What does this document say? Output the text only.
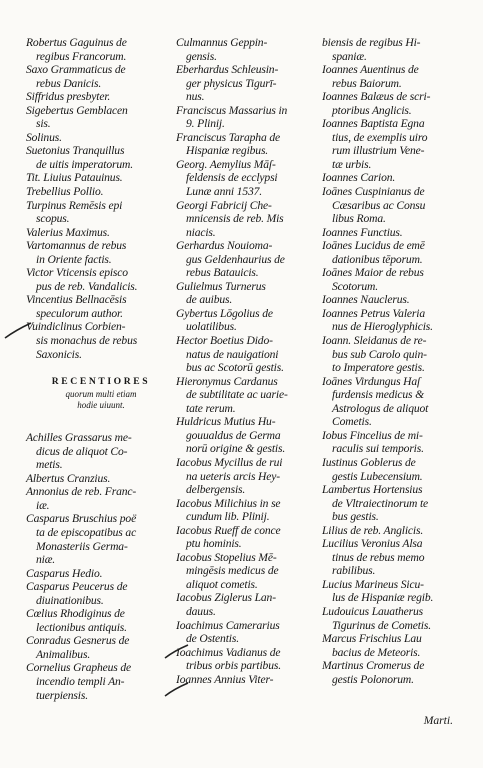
Robertus Gaguinus de
regibus Francorum.

Saxo Grammaticus de
rebus Danicis.

Siffridus presbyter.

Sigebertus Gemblacen
sis.

Solinus.

Suetonius Tranquillus
de uitis imperatorum.

Tit. Liuius Patauinus.

Trebellius Pollio.

Turpinus Remēsis epi
scopus.

Valerius Maximus.

Vartomannus de rebus
in Oriente factis.

Victor Vticensis episco
pus de reb. Vandalicis.

Vincentius Bellnacēsis
speculorum author.

Vuindiclinus Corbien-
sis monachus de rebus
Saxonicis.

RECENTIORES
quorum multi etiam
hodie uiuunt.

Achilles Grassarus me-
dicus de aliquot Co-
metis.

Albertus Cranzius.

Annonius de reb. Franc-
iæ.

Casparus Bruschius poë
ta de episcopatibus ac
Monasteriis Germa-
niæ.

Casparus Hedio.

Casparus Peucerus de
diuinationibus.

Cœlius Rhodiginus de
lectionibus antiquis.

Conradus Gesnerus de
Animalibus.

Cornelius Grapheus de
incendio templi An-
tuerpiensis.

Culmannus Geppin-
gensis.

Eberhardus Schleusin-
ger physicus Tigurī-
nus.

Franciscus Massarius in
9. Plinij.

Franciscus Tarapha de
Hispaniæ regibus.

Georg. Aemylius Māſ-
feldensis de ecclypsi
Lunæ anni 1537.

Georgi Fabricij Che-
mnicensis de reb. Mis
niacis.

Gerhardus Nouioma-
gus Geldenhaurius de
rebus Batauicis.

Gulielmus Turnerus
de auibus.

Gybertus Lōgolius de
uolatilibus.

Hector Boetius Dido-
natus de nauigationi
bus ac Scotorū gestis.

Hieronymus Cardanus
de subtilitate ac uarie-
tate rerum.

Huldricus Mutius Hu-
gouualdus de Germa
norū origine & gestis.

Iacobus Mycillus de rui
na ueteris arcis Hey-
delbergensis.

Iacobus Milichius in se
cundum lib. Plinij.

Iacobus Rueff de conce
ptu hominis.

Iacobus Stopelius Mē-
mingēsis medicus de
aliquot cometis.

Iacobus Ziglerus Lan-
dauus.

Ioachimus Camerarius
de Ostentis.

Ioachimus Vadianus de
tribus orbis partibus.

Ioannes Annius Viter-

biensis de regibus Hi-
spaniæ.

Ioannes Auentinus de
rebus Baiorum.

Ioannes Balæus de scri-
ptoribus Anglicis.

Ioannes Baptista Egna
tius, de exemplis uiro
rum illustrium Vene-
tæ urbis.

Ioannes Carion.

Ioānes Cuspinianus de
Cæsaribus ac Consu
libus Roma.

Ioannes Functius.

Ioānes Lucidus de emē
dationibus tēporum.

Ioānes Maior de rebus
Scotorum.

Ioannes Nauclerus.

Ioannes Petrus Valeria
nus de Hieroglyphicis.

Ioann. Sleidanus de re-
bus sub Carolo quin-
to Imperatore gestis.

Ioānes Virdungus Haſ
furdensis medicus &
Astrologus de aliquot
Cometis.

Iobus Fincelius de mi-
raculis sui temporis.

Iustinus Goblerus de
gestis Lubecensium.

Lambertus Hortensius
de Vltraiectinorum te
bus gestis.

Lilius de reb. Anglicis.

Lucilius Veronius Alsa
tinus de rebus memo
rabilibus.

Lucius Marineus Sicu-
lus de Hispaniæ regib.

Ludouicus Lauatherus
Tigurinus de Cometis.

Marcus Frischius Lau
bacius de Meteoris.

Martinus Cromerus de
gestis Polonorum.

Marti.
